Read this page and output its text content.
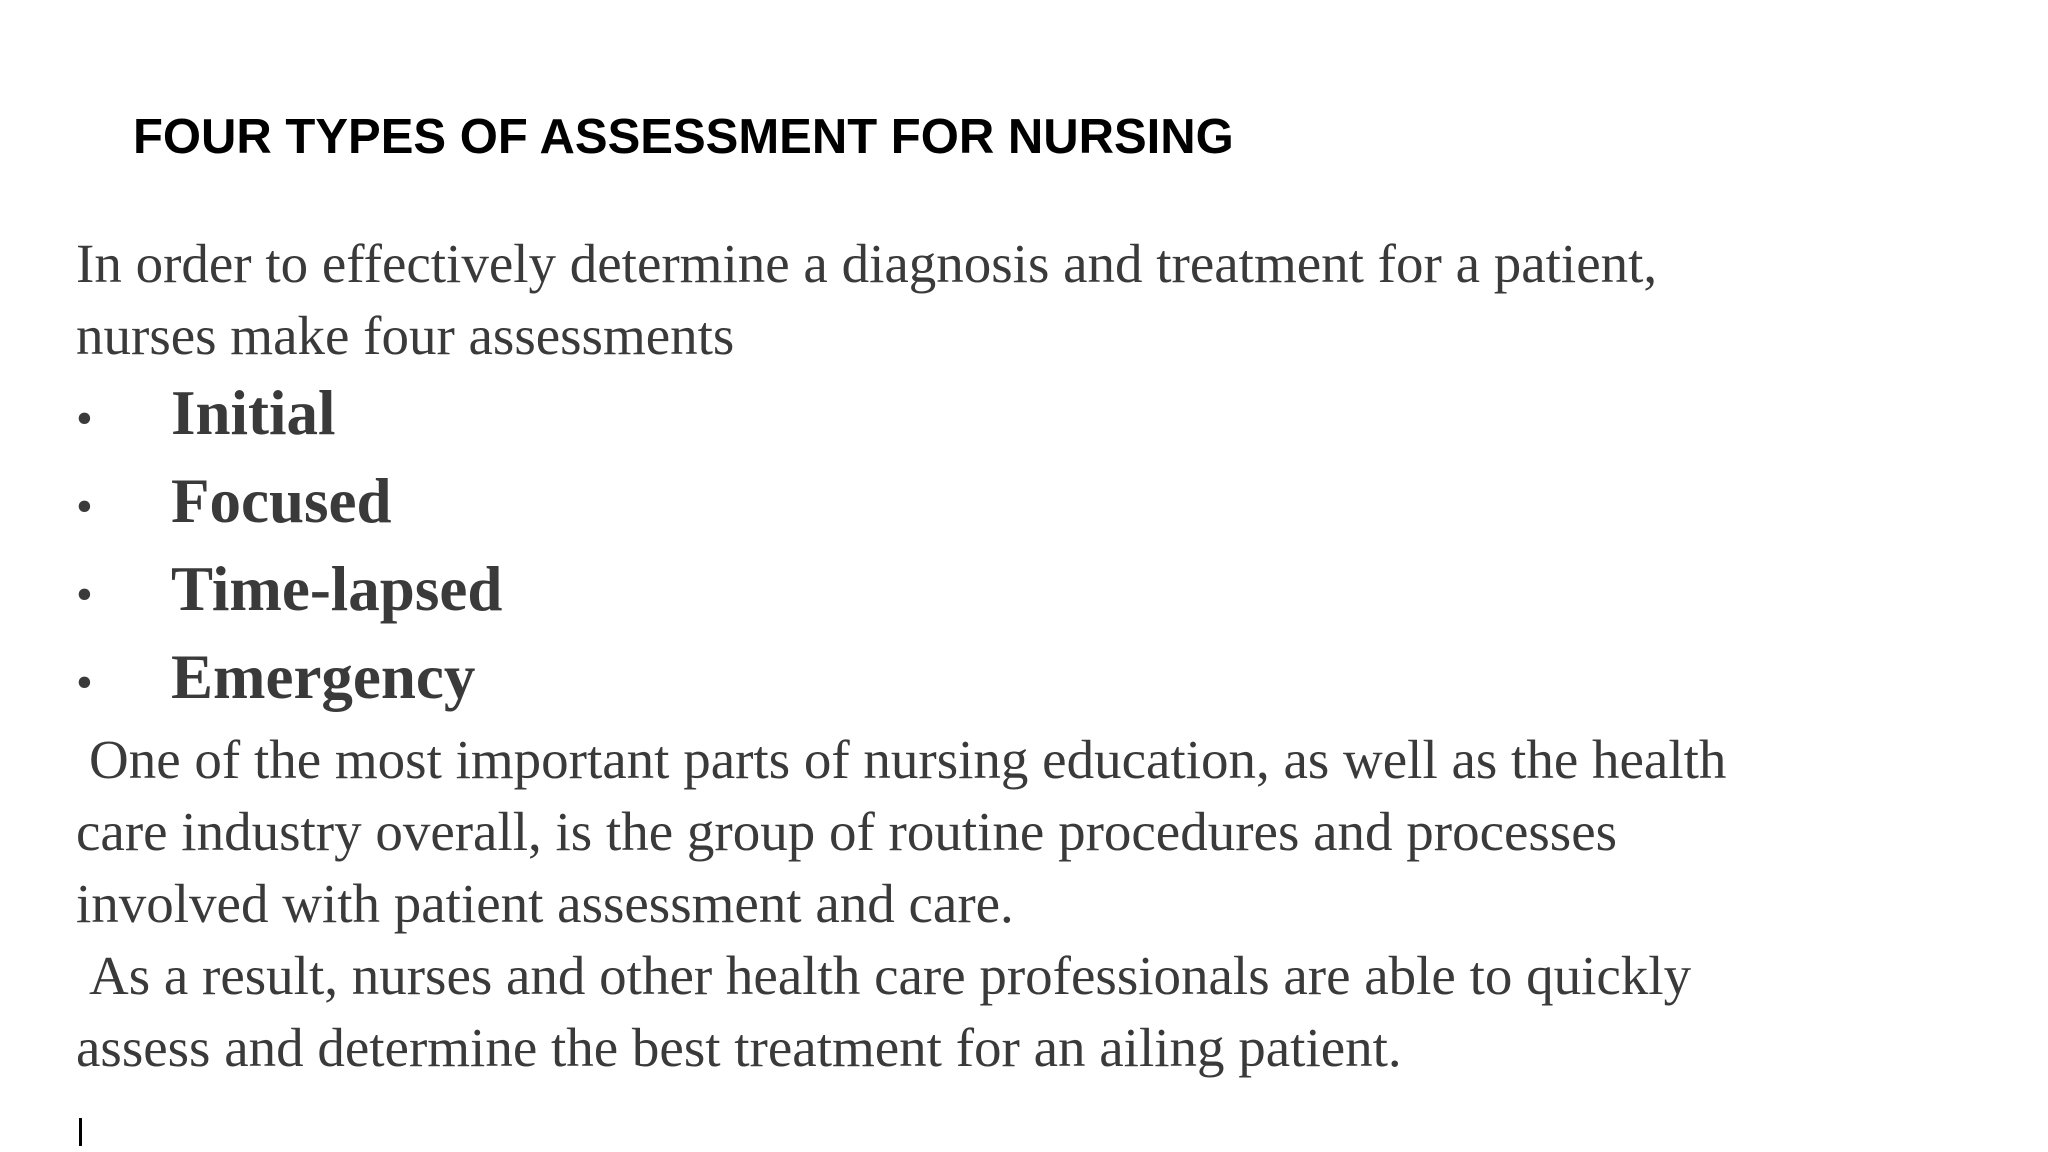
FOUR TYPES OF ASSESSMENT FOR NURSING

In order to effectively determine a diagnosis and treatment for a patient,
nurses make four assessments

•	Initial
•	Focused
•	Time-lapsed
•	Emergency

One of the most important parts of nursing education, as well as the health
care industry overall, is the group of routine procedures and processes
involved with patient assessment and care.

As a result, nurses and other health care professionals are able to quickly
assess and determine the best treatment for an ailing patient.
